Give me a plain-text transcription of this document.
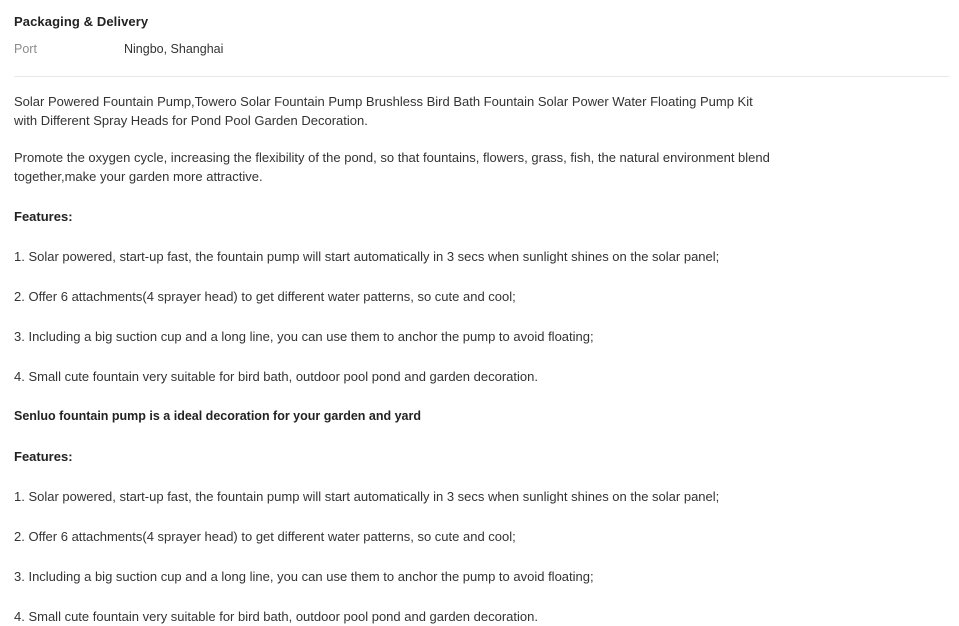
Packaging & Delivery
Port	Ningbo, Shanghai

Solar Powered Fountain Pump,Towero Solar Fountain Pump Brushless Bird Bath Fountain Solar Power Water Floating Pump Kit with Different Spray Heads for Pond Pool Garden Decoration.

Promote the oxygen cycle, increasing the flexibility of the pond, so that fountains, flowers, grass, fish, the natural environment blend together,make your garden more attractive.

Features:

1. Solar powered, start-up fast, the fountain pump will start automatically in 3 secs when sunlight shines on the solar panel;

2. Offer 6 attachments(4 sprayer head) to get different water patterns, so cute and cool;

3. Including a big suction cup and a long line, you can use them to anchor the pump to avoid floating;

4. Small cute fountain very suitable for bird bath, outdoor pool pond and garden decoration.

Senluo fountain pump is a ideal decoration for your garden and yard

Features:

1. Solar powered, start-up fast, the fountain pump will start automatically in 3 secs when sunlight shines on the solar panel;

2. Offer 6 attachments(4 sprayer head) to get different water patterns, so cute and cool;

3. Including a big suction cup and a long line, you can use them to anchor the pump to avoid floating;

4. Small cute fountain very suitable for bird bath, outdoor pool pond and garden decoration.
